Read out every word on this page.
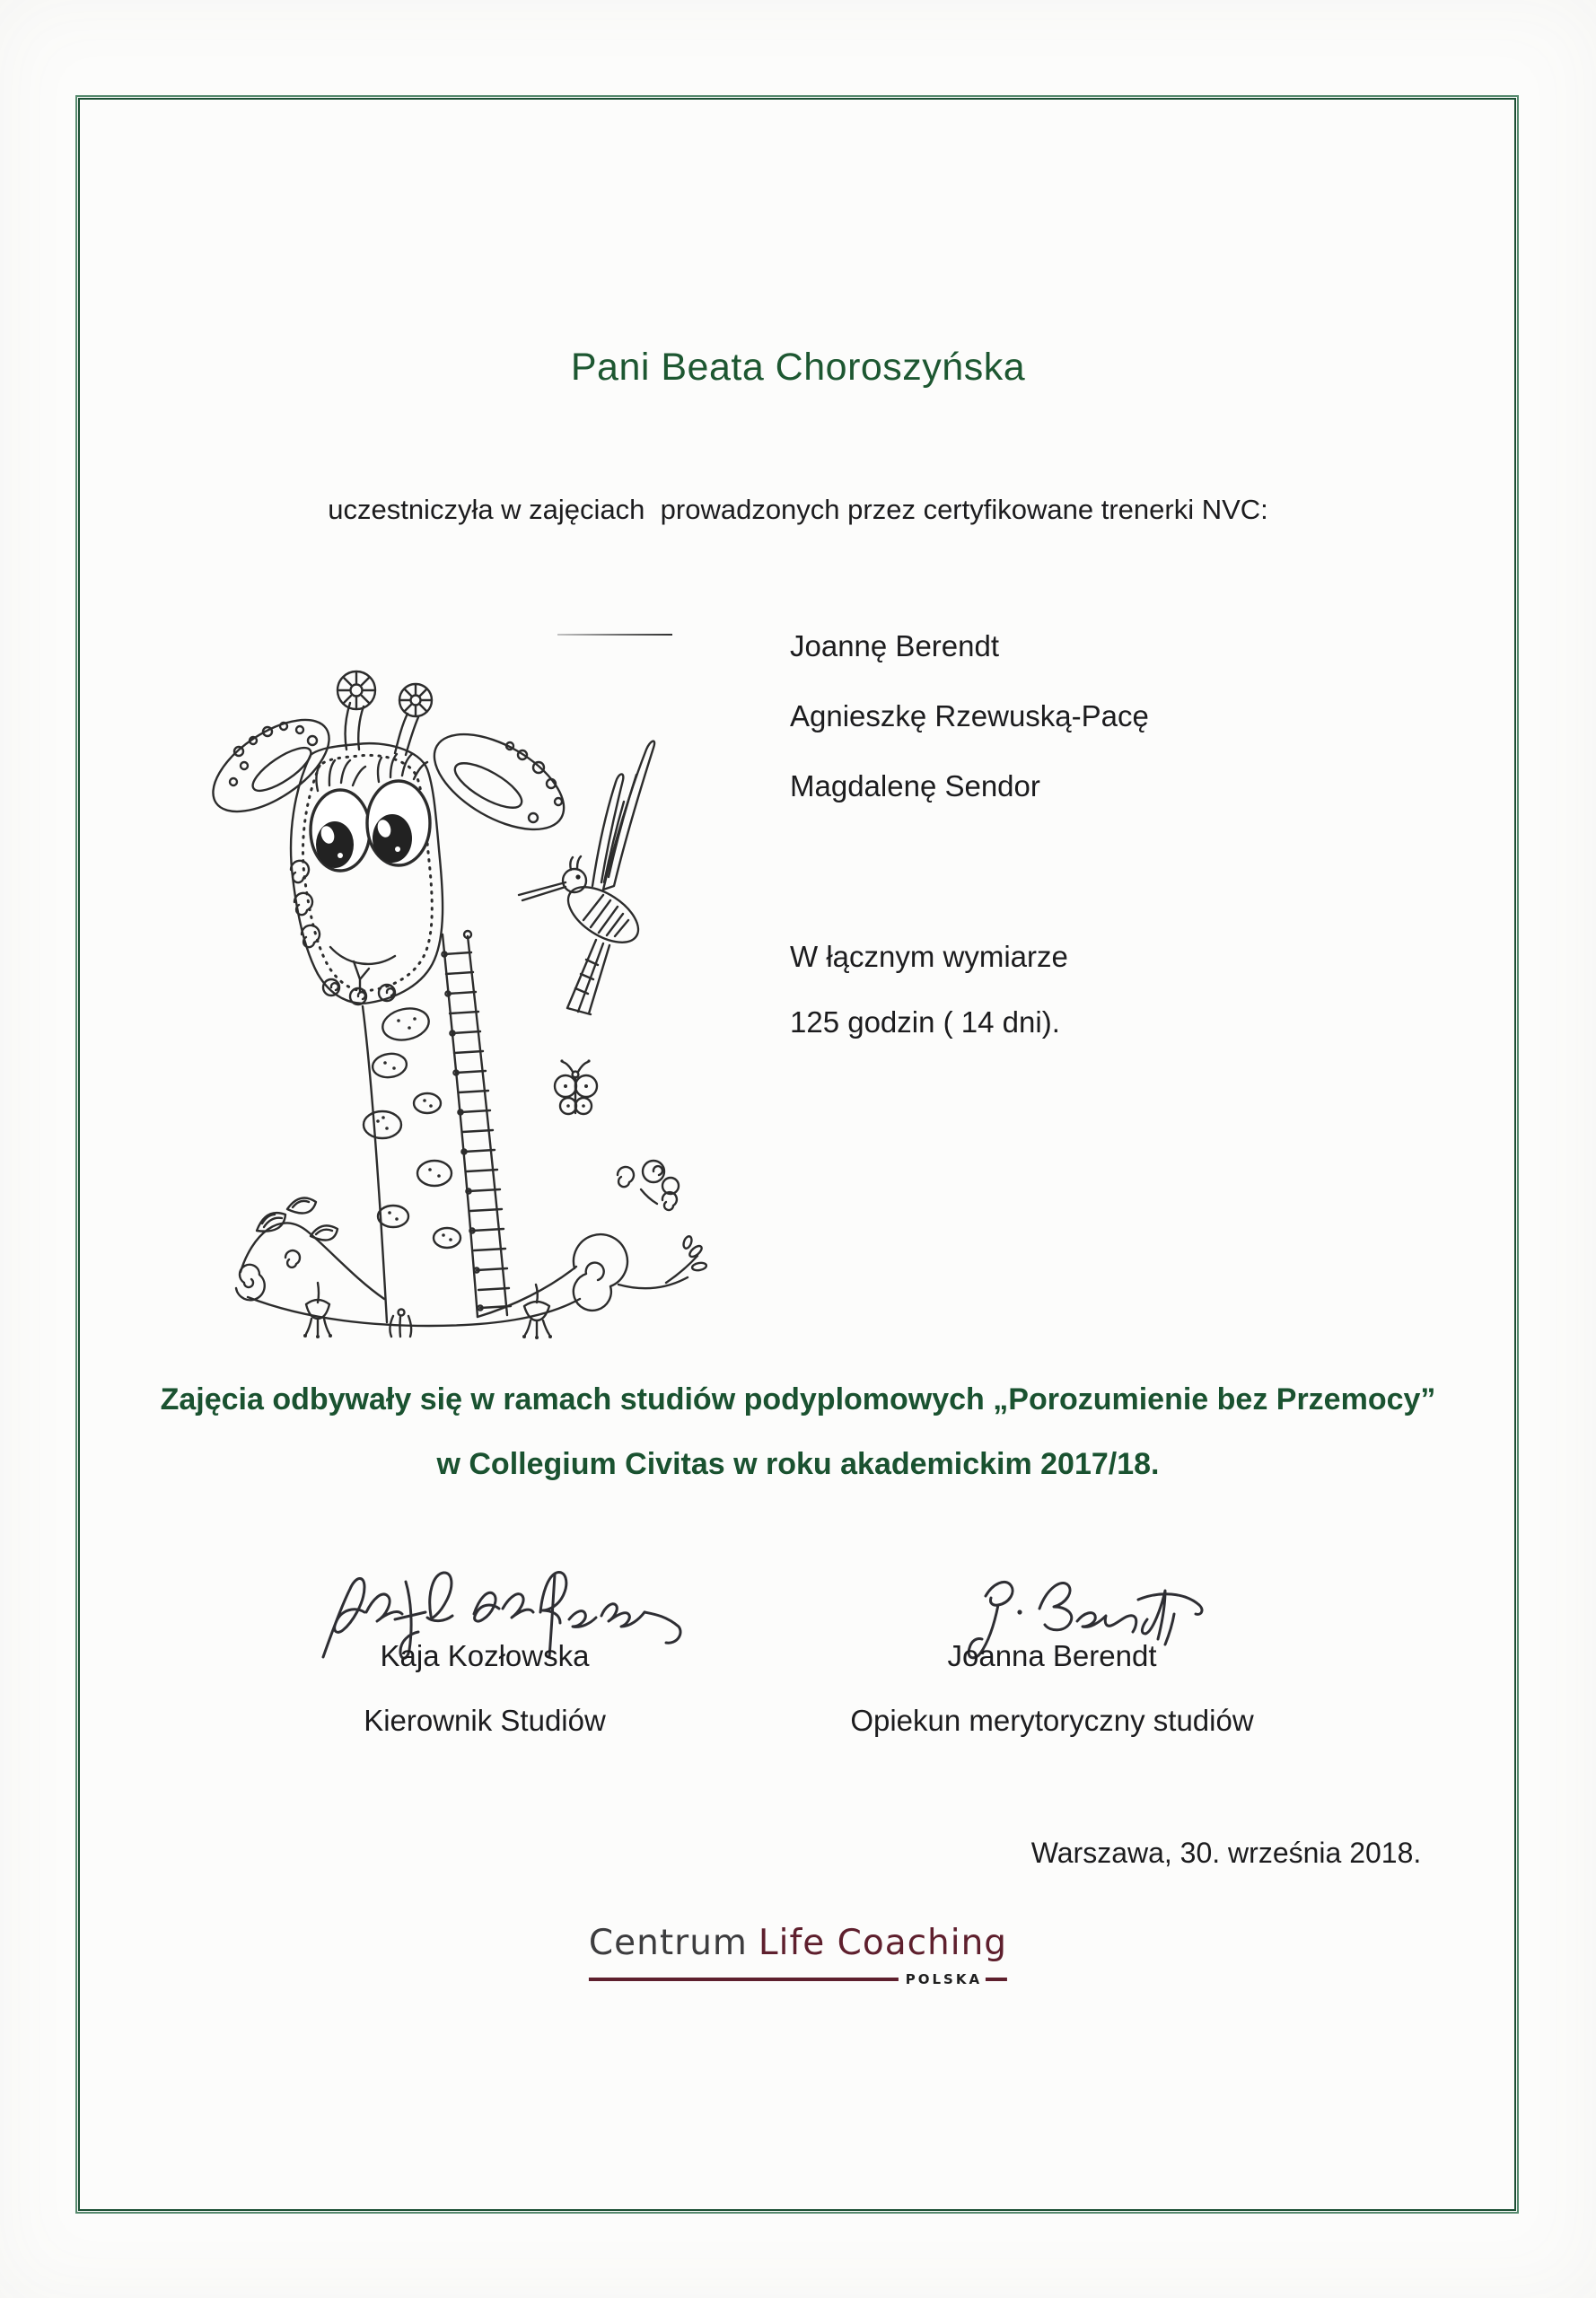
Pani Beata Choroszyńska
uczestniczyła w zajęciach  prowadzonych przez certyfikowane trenerki NVC:
Joannę Berendt
Agnieszkę Rzewuską-Pacę
Magdalenę Sendor
W łącznym wymiarze
125 godzin ( 14 dni).
Zajęcia odbywały się w ramach studiów podyplomowych „Porozumienie bez Przemocy”
w Collegium Civitas w roku akademickim 2017/18.
Kaja Kozłowska	Joanna Berendt
Kierownik Studiów	Opiekun merytoryczny studiów
Warszawa, 30. września 2018.
Centrum Life Coaching
POLSKA
